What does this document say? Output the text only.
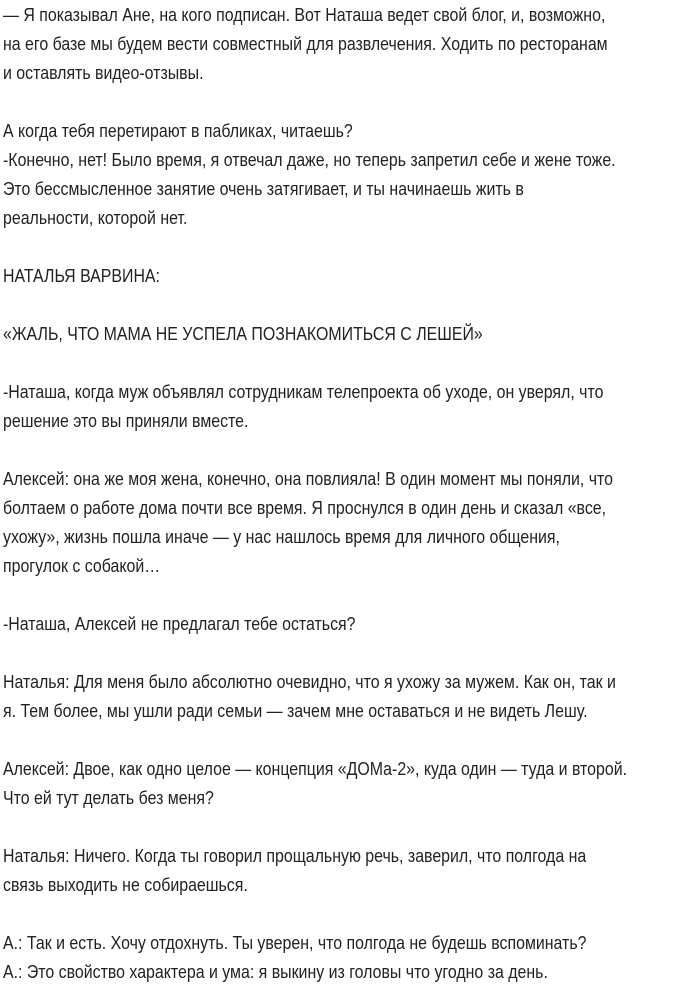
— Я показывал Ане, на кого подписан. Вот Наташа ведет свой блог, и, возможно,
на его базе мы будем вести совместный для развлечения. Ходить по ресторанам
и оставлять видео-отзывы.

А когда тебя перетирают в пабликах, читаешь?
-Конечно, нет! Было время, я отвечал даже, но теперь запретил себе и жене тоже.
Это бессмысленное занятие очень затягивает, и ты начинаешь жить в
реальности, которой нет.

НАТАЛЬЯ ВАРВИНА:

«ЖАЛЬ, ЧТО МАМА НЕ УСПЕЛА ПОЗНАКОМИТЬСЯ С ЛЕШЕЙ»

-Наташа, когда муж объявлял сотрудникам телепроекта об уходе, он уверял, что
решение это вы приняли вместе.

Алексей: она же моя жена, конечно, она повлияла! В один момент мы поняли, что
болтаем о работе дома почти все время. Я проснулся в один день и сказал «все,
ухожу», жизнь пошла иначе — у нас нашлось время для личного общения,
прогулок с собакой…

-Наташа, Алексей не предлагал тебе остаться?

Наталья: Для меня было абсолютно очевидно, что я ухожу за мужем. Как он, так и
я. Тем более, мы ушли ради семьи — зачем мне оставаться и не видеть Лешу.

Алексей: Двое, как одно целое — концепция «ДОМа-2», куда один — туда и второй.
Что ей тут делать без меня?

Наталья: Ничего. Когда ты говорил прощальную речь, заверил, что полгода на
связь выходить не собираешься.

А.: Так и есть. Хочу отдохнуть. Ты уверен, что полгода не будешь вспоминать?
А.: Это свойство характера и ума: я выкину из головы что угодно за день.
